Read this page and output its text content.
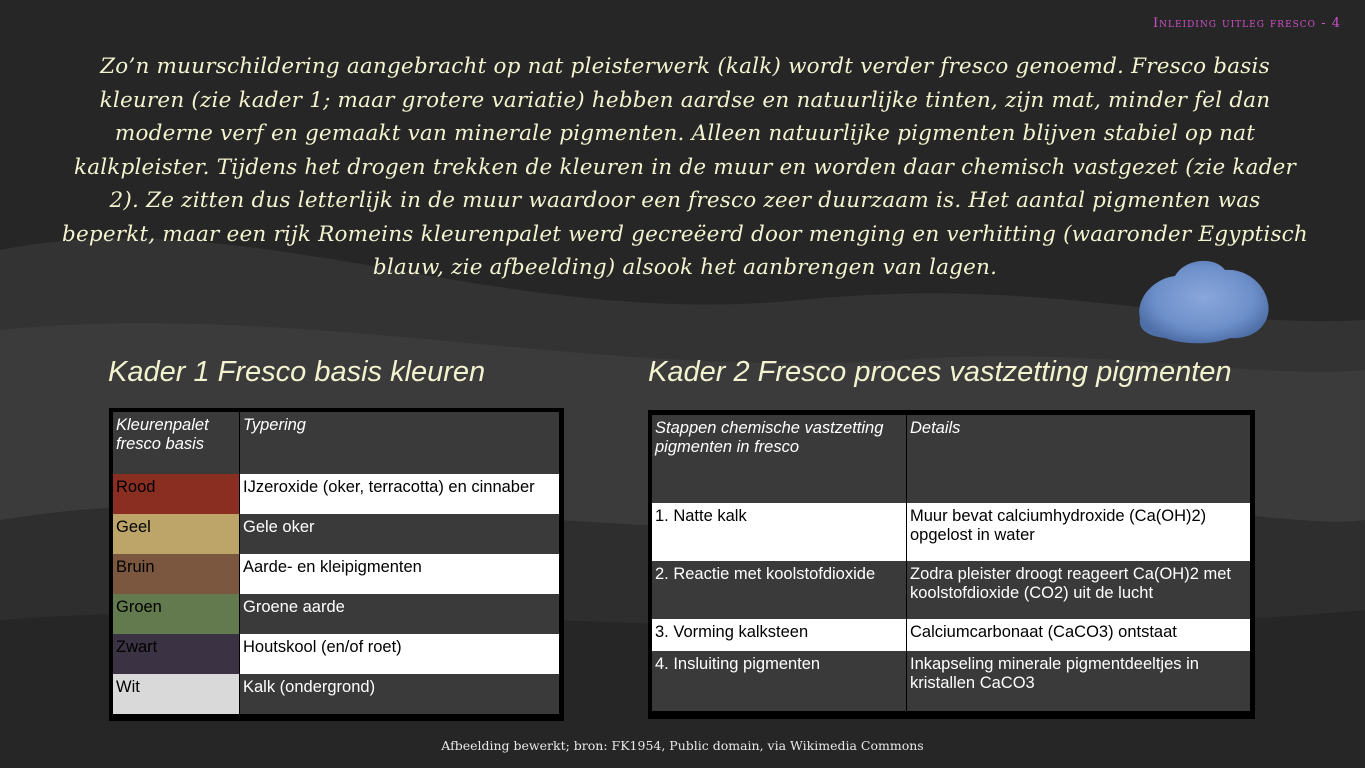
Inleiding uitleg fresco - 4
Zo’n muurschildering aangebracht op nat pleisterwerk (kalk) wordt verder fresco genoemd. Fresco basis kleuren (zie kader 1; maar grotere variatie) hebben aardse en natuurlijke tinten, zijn mat, minder fel dan moderne verf en gemaakt van minerale pigmenten. Alleen natuurlijke pigmenten blijven stabiel op nat kalkpleister. Tijdens het drogen trekken de kleuren in de muur en worden daar chemisch vastgezet (zie kader 2). Ze zitten dus letterlijk in de muur waardoor een fresco zeer duurzaam is. Het aantal pigmenten was beperkt, maar een rijk Romeins kleurenpalet werd gecreëerd door menging en verhitting (waaronder Egyptisch blauw, zie afbeelding) alsook het aanbrengen van lagen.
Kader 1 Fresco basis kleuren	Kader 2 Fresco proces vastzetting pigmenten
Kleurenpalet fresco basis	Typering
Rood	IJzeroxide (oker, terracotta) en cinnaber
Geel	Gele oker
Bruin	Aarde- en kleipigmenten
Groen	Groene aarde
Zwart	Houtskool (en/of roet)
Wit	Kalk (ondergrond)
Stappen chemische vastzetting pigmenten in fresco	Details
1. Natte kalk	Muur bevat calciumhydroxide (Ca(OH)2) opgelost in water
2. Reactie met koolstofdioxide	Zodra pleister droogt reageert Ca(OH)2 met koolstofdioxide (CO2) uit de lucht
3. Vorming kalksteen	Calciumcarbonaat (CaCO3) ontstaat
4. Insluiting pigmenten	Inkapseling minerale pigmentdeeltjes in kristallen CaCO3
Afbeelding bewerkt; bron: FK1954, Public domain, via Wikimedia Commons
